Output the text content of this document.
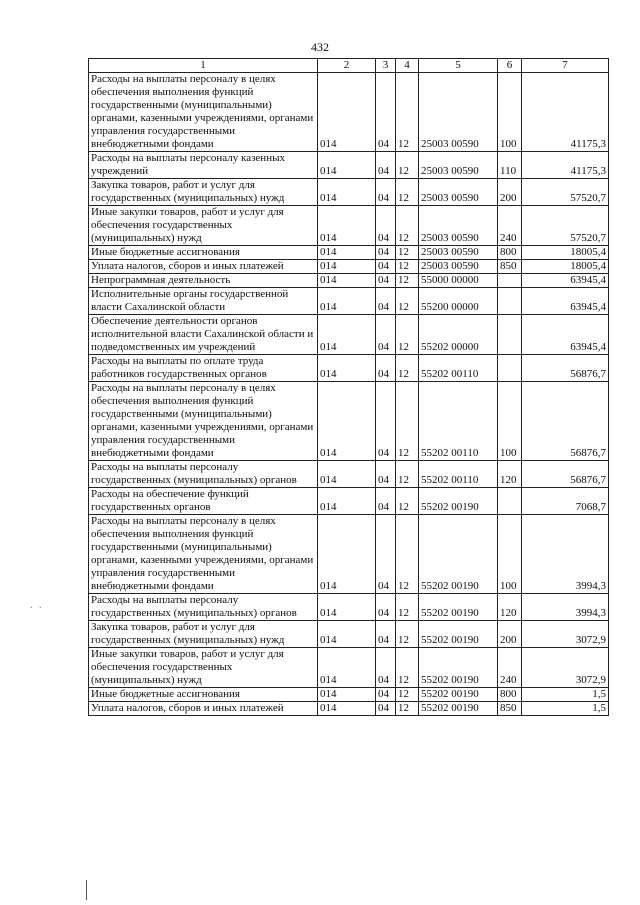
432
1	2	3	4	5	6	7
Расходы на выплаты персоналу в целях обеспечения выполнения функций государственными (муниципальными) органами, казенными учреждениями, органами управления государственными внебюджетными фондами	014	04	12	25003 00590	100	41175,3
Расходы на выплаты персоналу казенных учреждений	014	04	12	25003 00590	110	41175,3
Закупка товаров, работ и услуг для государственных (муниципальных) нужд	014	04	12	25003 00590	200	57520,7
Иные закупки товаров, работ и услуг для обеспечения государственных (муниципальных) нужд	014	04	12	25003 00590	240	57520,7
Иные бюджетные ассигнования	014	04	12	25003 00590	800	18005,4
Уплата налогов, сборов и иных платежей	014	04	12	25003 00590	850	18005,4
Непрограммная деятельность	014	04	12	55000 00000		63945,4
Исполнительные органы государственной власти Сахалинской области	014	04	12	55200 00000		63945,4
Обеспечение деятельности органов исполнительной власти Сахалинской области и подведомственных им учреждений	014	04	12	55202 00000		63945,4
Расходы на выплаты по оплате труда работников государственных органов	014	04	12	55202 00110		56876,7
Расходы на выплаты персоналу в целях обеспечения выполнения функций государственными (муниципальными) органами, казенными учреждениями, органами управления государственными внебюджетными фондами	014	04	12	55202 00110	100	56876,7
Расходы на выплаты персоналу государственных (муниципальных) органов	014	04	12	55202 00110	120	56876,7
Расходы на обеспечение функций государственных органов	014	04	12	55202 00190		7068,7
Расходы на выплаты персоналу в целях обеспечения выполнения функций государственными (муниципальными) органами, казенными учреждениями, органами управления государственными внебюджетными фондами	014	04	12	55202 00190	100	3994,3
Расходы на выплаты персоналу государственных (муниципальных) органов	014	04	12	55202 00190	120	3994,3
Закупка товаров, работ и услуг для государственных (муниципальных) нужд	014	04	12	55202 00190	200	3072,9
Иные закупки товаров, работ и услуг для обеспечения государственных (муниципальных) нужд	014	04	12	55202 00190	240	3072,9
Иные бюджетные ассигнования	014	04	12	55202 00190	800	1,5
Уплата налогов, сборов и иных платежей	014	04	12	55202 00190	850	1,5
. .
